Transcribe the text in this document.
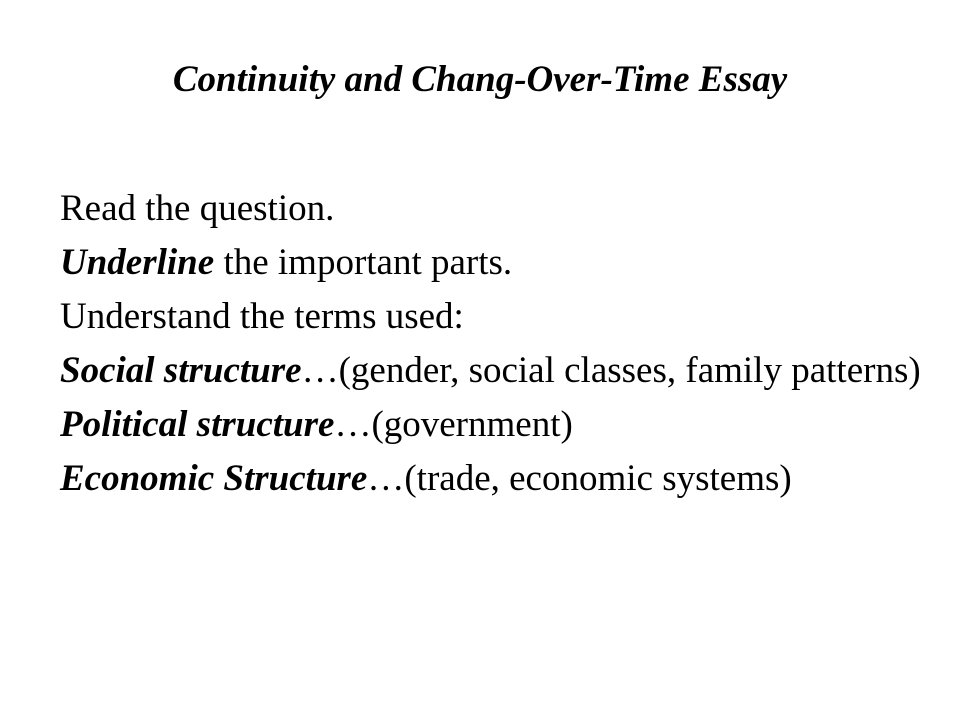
Continuity and Chang-Over-Time Essay
Read the question.
Underline the important parts.
Understand the terms used:
Social structure…(gender, social classes, family patterns)
Political structure…(government)
Economic Structure…(trade, economic systems)
